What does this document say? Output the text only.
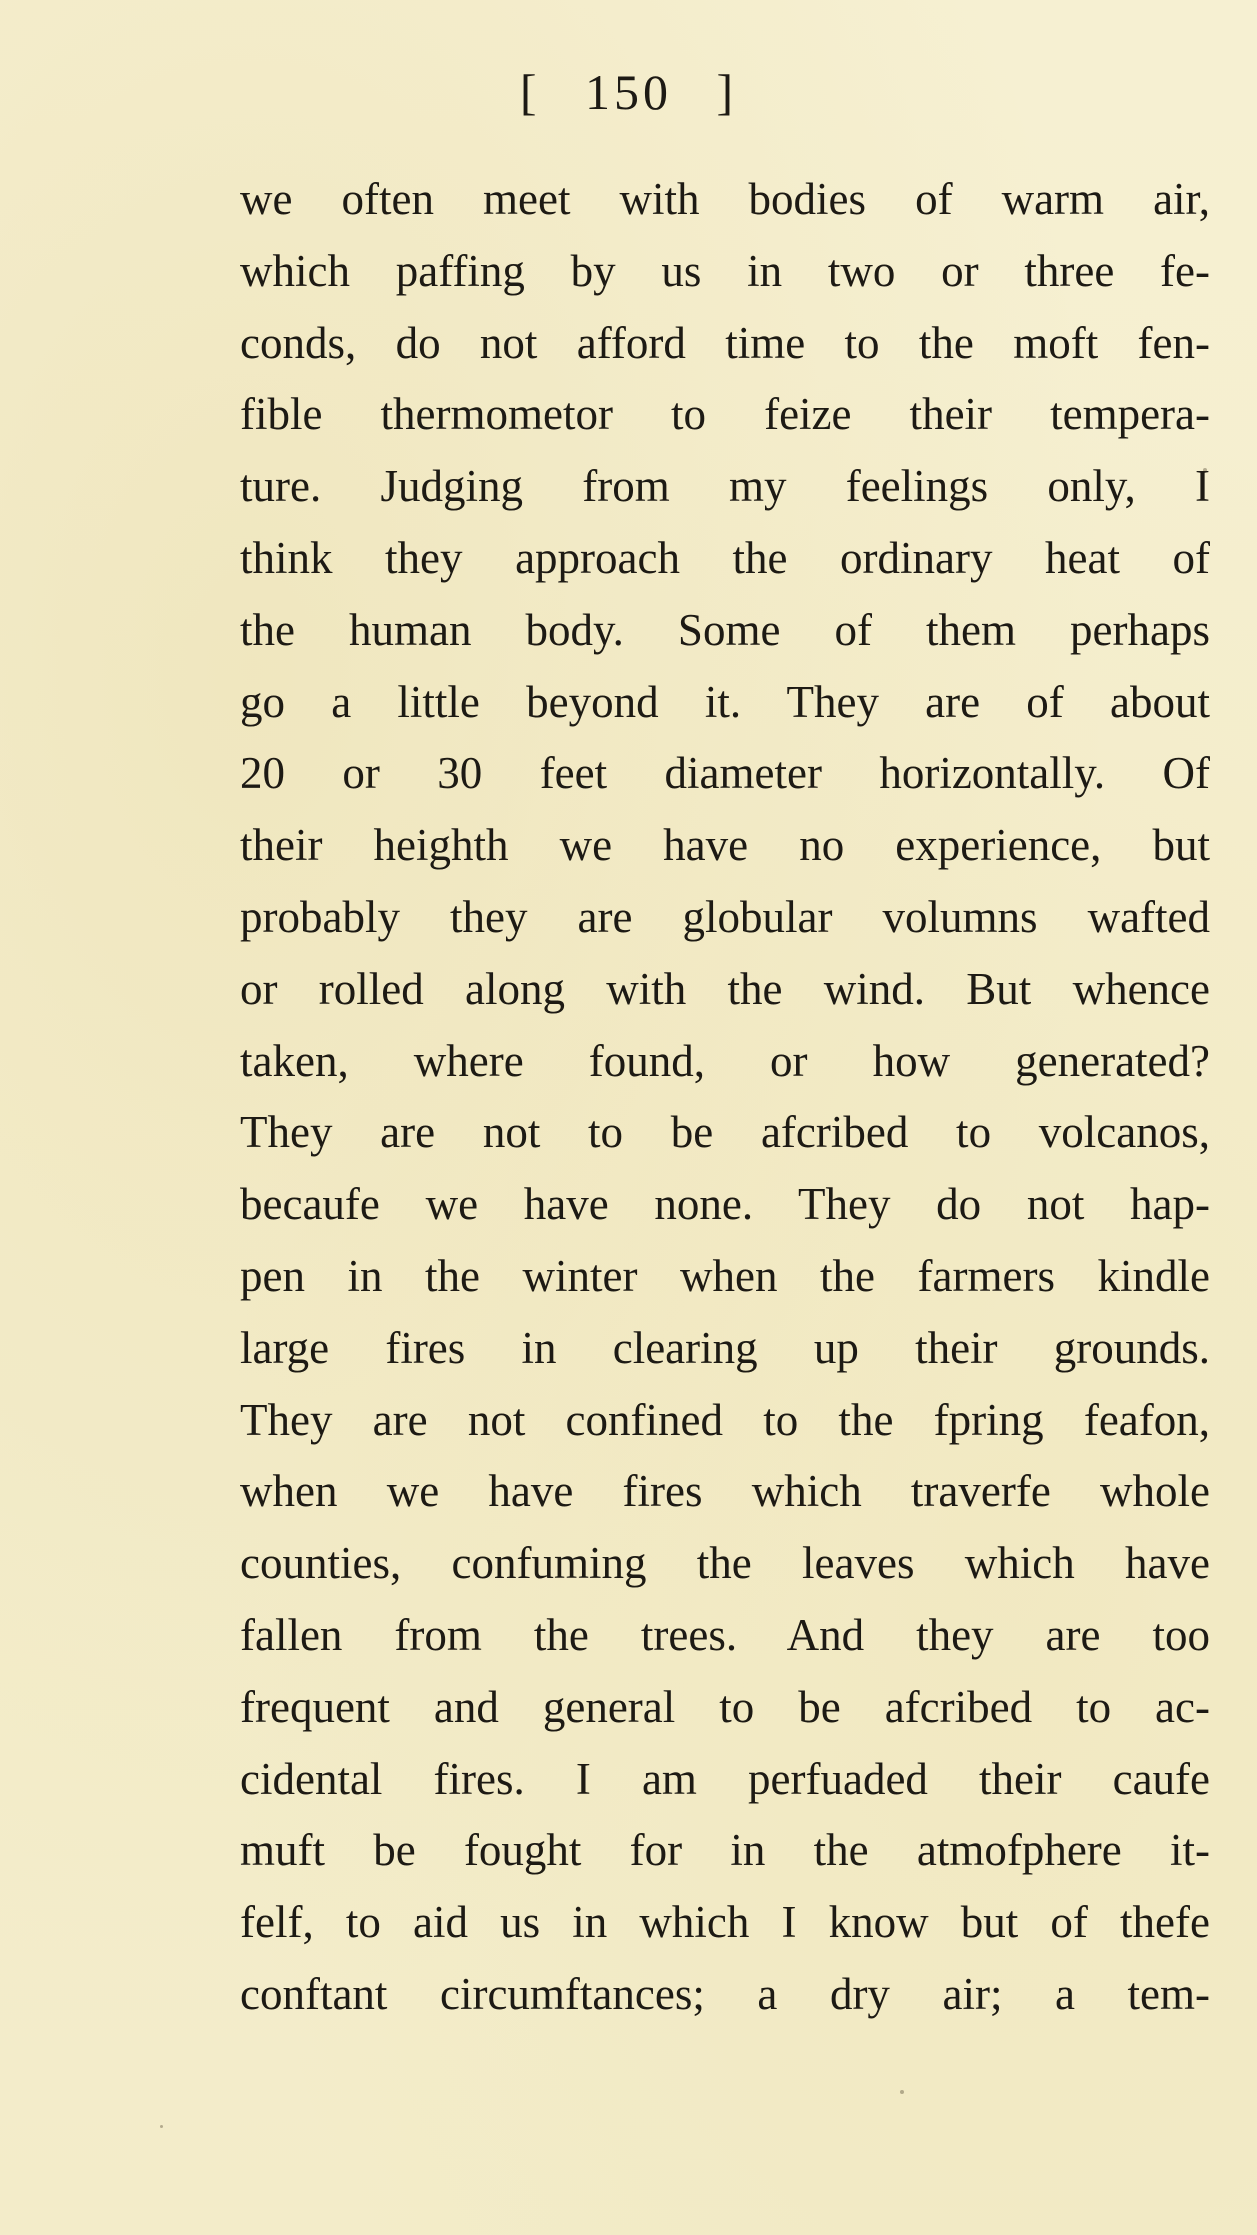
[ 150 ]
we often meet with bodies of warm air,
which paffing by us in two or three fe-
conds, do not afford time to the moft fen-
fible thermometor to feize their tempera-
ture. Judging from my feelings only, I
think they approach the ordinary heat of
the human body. Some of them perhaps
go a little beyond it. They are of about
20 or 30 feet diameter horizontally. Of
their heighth we have no experience, but
probably they are globular volumns wafted
or rolled along with the wind. But whence
taken, where found, or how generated?
They are not to be afcribed to volcanos,
becaufe we have none. They do not hap-
pen in the winter when the farmers kindle
large fires in clearing up their grounds.
They are not confined to the fpring feafon,
when we have fires which traverfe whole
counties, confuming the leaves which have
fallen from the trees. And they are too
frequent and general to be afcribed to ac-
cidental fires. I am perfuaded their caufe
muft be fought for in the atmofphere it-
felf, to aid us in which I know but of thefe
conftant circumftances; a dry air; a tem-
